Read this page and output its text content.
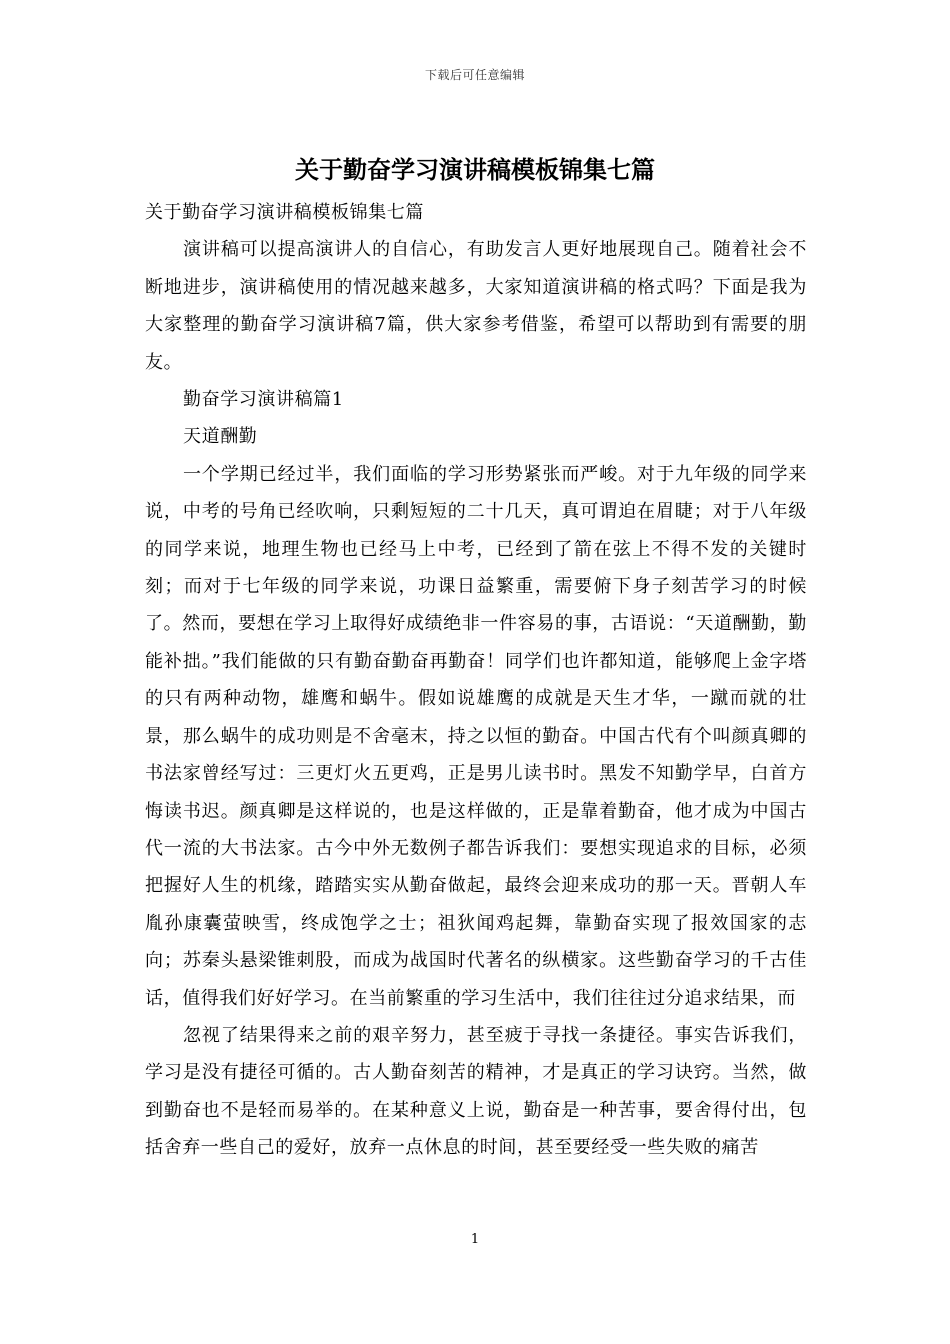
下载后可任意编辑
关于勤奋学习演讲稿模板锦集七篇

关于勤奋学习演讲稿模板锦集七篇

演讲稿可以提高演讲人的自信心，有助发言人更好地展现自己。随着社会不断地进步，演讲稿使用的情况越来越多，大家知道演讲稿的格式吗？下面是我为大家整理的勤奋学习演讲稿7篇，供大家参考借鉴，希望可以帮助到有需要的朋友。

勤奋学习演讲稿篇1

天道酬勤

一个学期已经过半，我们面临的学习形势紧张而严峻。对于九年级的同学来说，中考的号角已经吹响，只剩短短的二十几天，真可谓迫在眉睫；对于八年级的同学来说，地理生物也已经马上中考，已经到了箭在弦上不得不发的关键时刻；而对于七年级的同学来说，功课日益繁重，需要俯下身子刻苦学习的时候了。然而，要想在学习上取得好成绩绝非一件容易的事，古语说：“天道酬勤，勤能补拙。”我们能做的只有勤奋勤奋再勤奋！同学们也许都知道，能够爬上金字塔的只有两种动物，雄鹰和蜗牛。假如说雄鹰的成就是天生才华，一蹴而就的壮景，那么蜗牛的成功则是不舍毫末，持之以恒的勤奋。中国古代有个叫颜真卿的书法家曾经写过：三更灯火五更鸡，正是男儿读书时。黑发不知勤学早，白首方悔读书迟。颜真卿是这样说的，也是这样做的，正是靠着勤奋，他才成为中国古代一流的大书法家。古今中外无数例子都告诉我们：要想实现追求的目标，必须把握好人生的机缘，踏踏实实从勤奋做起，最终会迎来成功的那一天。晋朝人车胤孙康囊萤映雪，终成饱学之士；祖狄闻鸡起舞，靠勤奋实现了报效国家的志向；苏秦头悬梁锥刺股，而成为战国时代著名的纵横家。这些勤奋学习的千古佳话，值得我们好好学习。在当前繁重的学习生活中，我们往往过分追求结果，而

忽视了结果得来之前的艰辛努力，甚至疲于寻找一条捷径。事实告诉我们，学习是没有捷径可循的。古人勤奋刻苦的精神，才是真正的学习诀窍。当然，做到勤奋也不是轻而易举的。在某种意义上说，勤奋是一种苦事，要舍得付出，包括舍弃一些自己的爱好，放弃一点休息的时间，甚至要经受一些失败的痛苦

1
